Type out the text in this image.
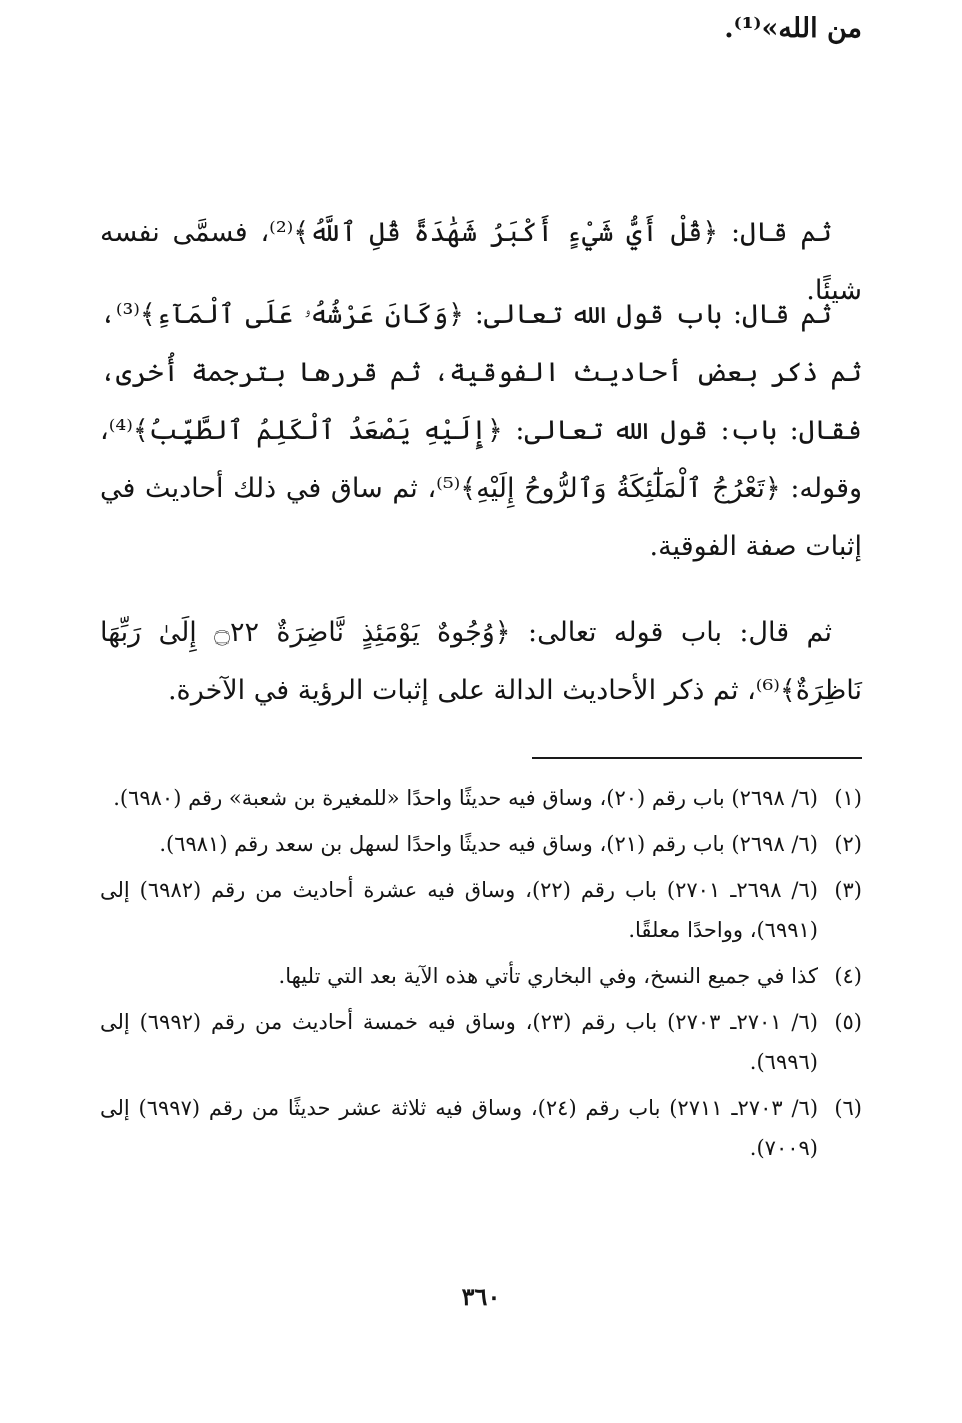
من الله»⁽¹⁾.

ثم قال: ﴿قُلْ أَيُّ شَيْءٍ أَكْبَرُ شَهَٰدَةً قُلِ ٱللَّهُ﴾⁽²⁾، فسمَّى نفسه شيئًا.

ثم قال: باب قول الله تعالى: ﴿وَكَانَ عَرْشُهُۥ عَلَى ٱلْمَآءِ﴾⁽³⁾، ثم ذكر بعض أحاديث الفوقية، ثم قررها بترجمة أُخرى، فقال: باب: قول الله تعالى: ﴿إِلَيْهِ يَصْعَدُ ٱلْكَلِمُ ٱلطَّيِّبُ﴾⁽⁴⁾، وقوله: ﴿تَعْرُجُ ٱلْمَلَٰٓئِكَةُ وَٱلرُّوحُ إِلَيْهِ﴾⁽⁵⁾، ثم ساق في ذلك أحاديث في إثبات صفة الفوقية.

ثم قال: باب قوله تعالى: ﴿وُجُوهٌ يَوْمَئِذٍ نَّاضِرَةٌ ۝٢٢ إِلَىٰ رَبِّهَا نَاظِرَةٌ﴾⁽⁶⁾، ثم ذكر الأحاديث الدالة على إثبات الرؤية في الآخرة.

(١)
(٦/ ٢٦٩٨) باب رقم (٢٠)، وساق فيه حديثًا واحدًا «للمغيرة بن شعبة» رقم (٦٩٨٠).
(٢)
(٦/ ٢٦٩٨) باب رقم (٢١)، وساق فيه حديثًا واحدًا لسهل بن سعد رقم (٦٩٨١).
(٣)
(٦/ ٢٦٩٨ـ ٢٧٠١) باب رقم (٢٢)، وساق فيه عشرة أحاديث من رقم (٦٩٨٢) إلى (٦٩٩١)، وواحدًا معلقًا.
(٤)
كذا في جميع النسخ، وفي البخاري تأتي هذه الآية بعد التي تليها.
(٥)
(٦/ ٢٧٠١ـ ٢٧٠٣) باب رقم (٢٣)، وساق فيه خمسة أحاديث من رقم (٦٩٩٢) إلى (٦٩٩٦).
(٦)
(٦/ ٢٧٠٣ـ ٢٧١١) باب رقم (٢٤)، وساق فيه ثلاثة عشر حديثًا من رقم (٦٩٩٧) إلى (٧٠٠٩).
٣٦٠
